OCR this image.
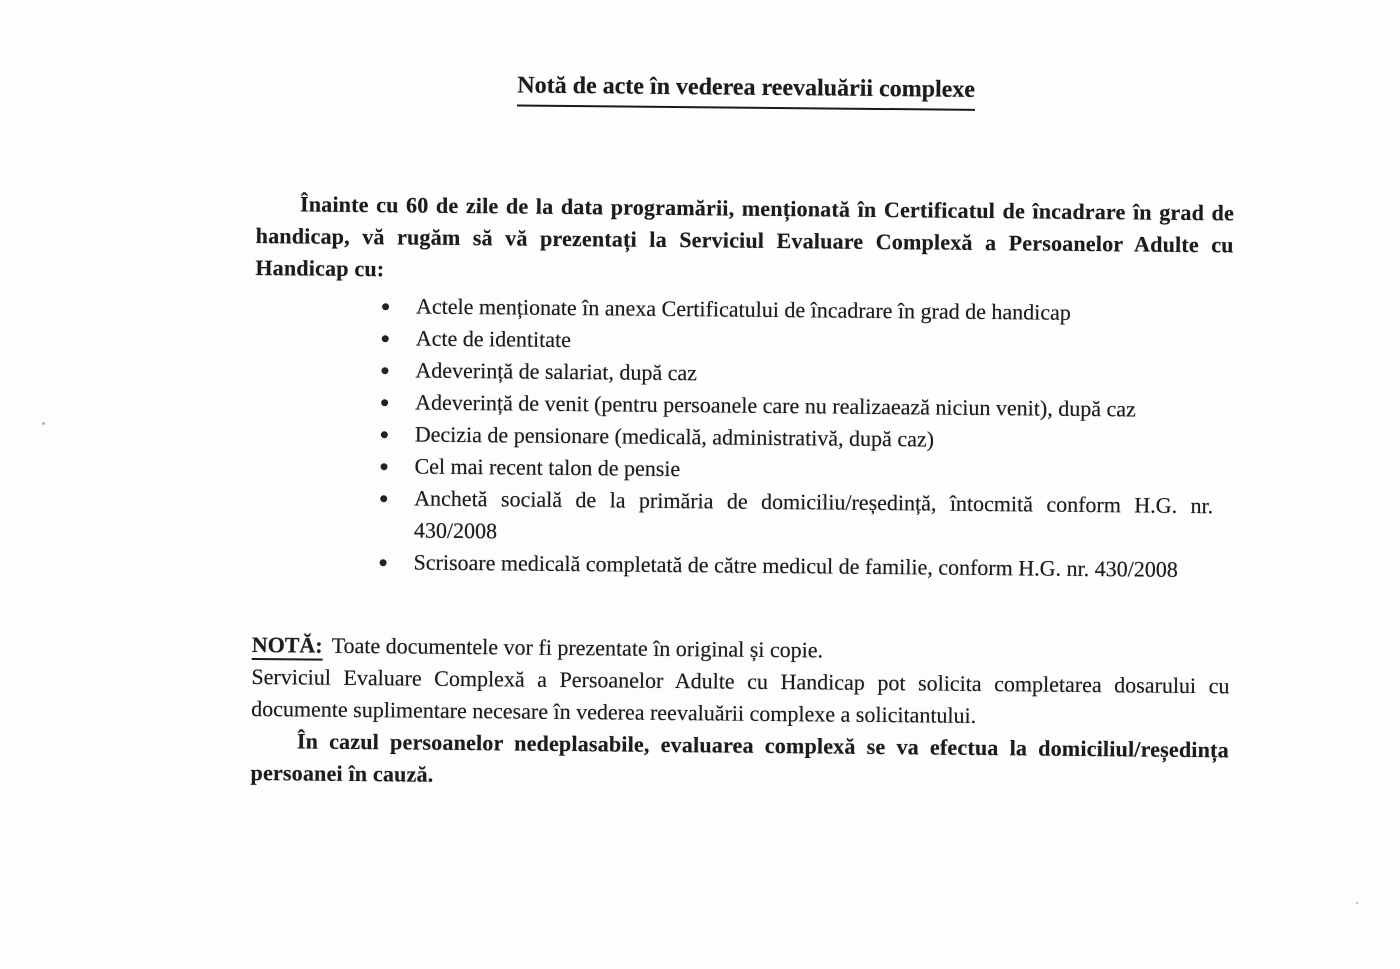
Notă de acte în vederea reevaluării complexe

Înainte cu 60 de zile de la data programării, menționată în Certificatul de încadrare în grad de handicap, vă rugăm să vă prezentați la Serviciul Evaluare Complexă a Persoanelor Adulte cu Handicap cu:

Actele menționate în anexa Certificatului de încadrare în grad de handicap
Acte de identitate
Adeverință de salariat, după caz
Adeverință de venit (pentru persoanele care nu realizaează niciun venit), după caz
Decizia de pensionare (medicală, administrativă, după caz)
Cel mai recent talon de pensie
Anchetă socială de la primăria de domiciliu/reședință, întocmită conform H.G. nr. 430/2008
Scrisoare medicală completată de către medicul de familie, conform H.G. nr. 430/2008

NOTĂ: Toate documentele vor fi prezentate în original și copie.

Serviciul Evaluare Complexă a Persoanelor Adulte cu Handicap pot solicita completarea dosarului cu documente suplimentare necesare în vederea reevaluării complexe a solicitantului.

În cazul persoanelor nedeplasabile, evaluarea complexă se va efectua la domiciliul/reședința persoanei în cauză.
